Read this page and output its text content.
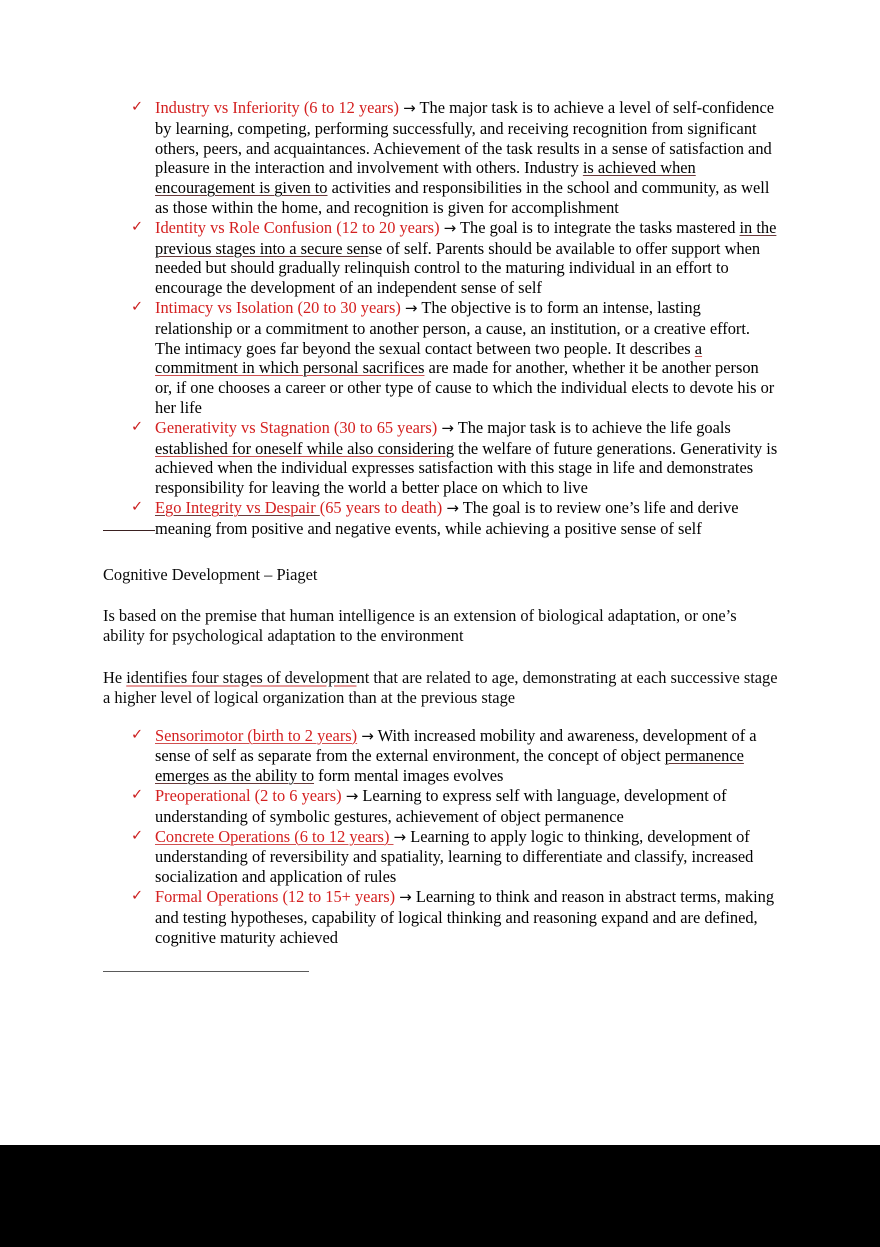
✓ Industry vs Inferiority (6 to 12 years) → The major task is to achieve a level of self-confidence by learning, competing, performing successfully, and receiving recognition from significant others, peers, and acquaintances. Achievement of the task results in a sense of satisfaction and pleasure in the interaction and involvement with others. Industry is achieved when encouragement is given to activities and responsibilities in the school and community, as well as those within the home, and recognition is given for accomplishment
✓ Identity vs Role Confusion (12 to 20 years) → The goal is to integrate the tasks mastered in the previous stages into a secure sense of self. Parents should be available to offer support when needed but should gradually relinquish control to the maturing individual in an effort to encourage the development of an independent sense of self
✓ Intimacy vs Isolation (20 to 30 years) → The objective is to form an intense, lasting relationship or a commitment to another person, a cause, an institution, or a creative effort. The intimacy goes far beyond the sexual contact between two people. It describes a commitment in which personal sacrifices are made for another, whether it be another person or, if one chooses a career or other type of cause to which the individual elects to devote his or her life
✓ Generativity vs Stagnation (30 to 65 years) → The major task is to achieve the life goals established for oneself while also considering the welfare of future generations. Generativity is achieved when the individual expresses satisfaction with this stage in life and demonstrates responsibility for leaving the world a better place on which to live
✓ Ego Integrity vs Despair (65 years to death) → The goal is to review one’s life and derive meaning from positive and negative events, while achieving a positive sense of self

Cognitive Development – Piaget

Is based on the premise that human intelligence is an extension of biological adaptation, or one’s ability for psychological adaptation to the environment

He identifies four stages of development that are related to age, demonstrating at each successive stage a higher level of logical organization than at the previous stage

✓ Sensorimotor (birth to 2 years) → With increased mobility and awareness, development of a sense of self as separate from the external environment, the concept of object permanence emerges as the ability to form mental images evolves
✓ Preoperational (2 to 6 years) → Learning to express self with language, development of understanding of symbolic gestures, achievement of object permanence
✓ Concrete Operations (6 to 12 years) → Learning to apply logic to thinking, development of understanding of reversibility and spatiality, learning to differentiate and classify, increased socialization and application of rules
✓ Formal Operations (12 to 15+ years) → Learning to think and reason in abstract terms, making and testing hypotheses, capability of logical thinking and reasoning expand and are defined, cognitive maturity achieved
